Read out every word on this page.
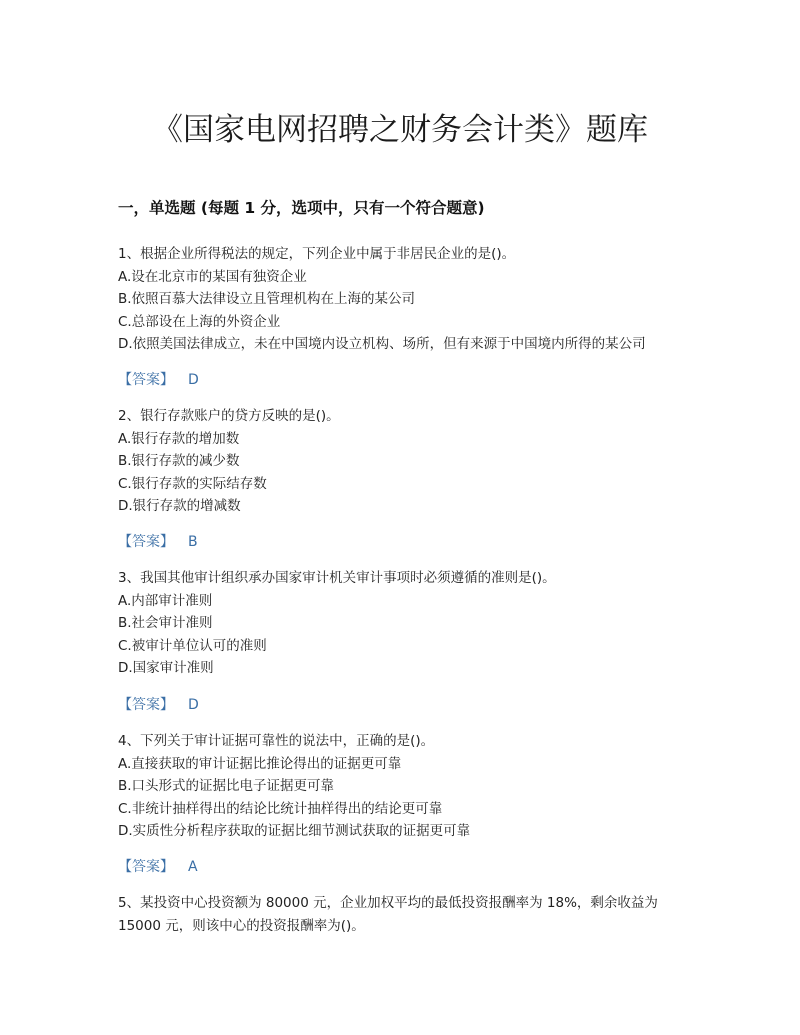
《国家电网招聘之财务会计类》题库
一，单选题 (每题 1 分，选项中，只有一个符合题意)
1、根据企业所得税法的规定，下列企业中属于非居民企业的是()。
A.设在北京市的某国有独资企业
B.依照百慕大法律设立且管理机构在上海的某公司
C.总部设在上海的外资企业
D.依照美国法律成立，未在中国境内设立机构、场所，但有来源于中国境内所得的某公司
【答案】 D
2、银行存款账户的贷方反映的是()。
A.银行存款的增加数
B.银行存款的减少数
C.银行存款的实际结存数
D.银行存款的增减数
【答案】 B
3、我国其他审计组织承办国家审计机关审计事项时必须遵循的准则是()。
A.内部审计准则
B.社会审计准则
C.被审计单位认可的准则
D.国家审计准则
【答案】 D
4、下列关于审计证据可靠性的说法中，正确的是()。
A.直接获取的审计证据比推论得出的证据更可靠
B.口头形式的证据比电子证据更可靠
C.非统计抽样得出的结论比统计抽样得出的结论更可靠
D.实质性分析程序获取的证据比细节测试获取的证据更可靠
【答案】 A
5、某投资中心投资额为 80000 元，企业加权平均的最低投资报酬率为 18%，剩余收益为 15000 元，则该中心的投资报酬率为()。
